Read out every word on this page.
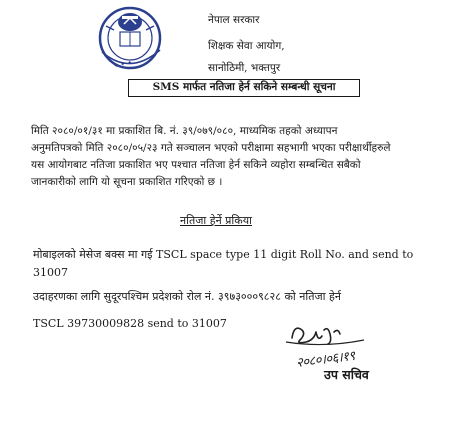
✦ ✦ ✦
नेपाल सरकार
शिक्षक सेवा आयोग,
सानोठिमी, भक्तपुर
SMS मार्फत नतिजा हेर्न सकिने सम्बन्धी सूचना
मिति २०८०/०१/३१ मा प्रकाशित बि. नं. ३९/०७९/०८०, माध्यमिक तहको अध्यापन
अनुमतिपत्रको मिति २०८०/०५/२३ गते सञ्चालन भएको परीक्षामा सहभागी भएका परीक्षार्थीहरुले
यस आयोगबाट नतिजा प्रकाशित भए पश्चात नतिजा हेर्न सकिने व्यहोरा सम्बन्धित सबैको
जानकारीको लागि यो सूचना प्रकाशित गरिएको छ ।
नतिजा हेर्ने प्रकिया
मोबाइलको मेसेज बक्स मा गई TSCL space type 11 digit Roll No. and send to
31007
उदाहरणका लागि सुदूरपश्चिम प्रदेशको रोल नं. ३९७३०००९८२८ को नतिजा हेर्न
TSCL 39730009828 send to 31007
२०८०।०६।१९
उप सचिव
